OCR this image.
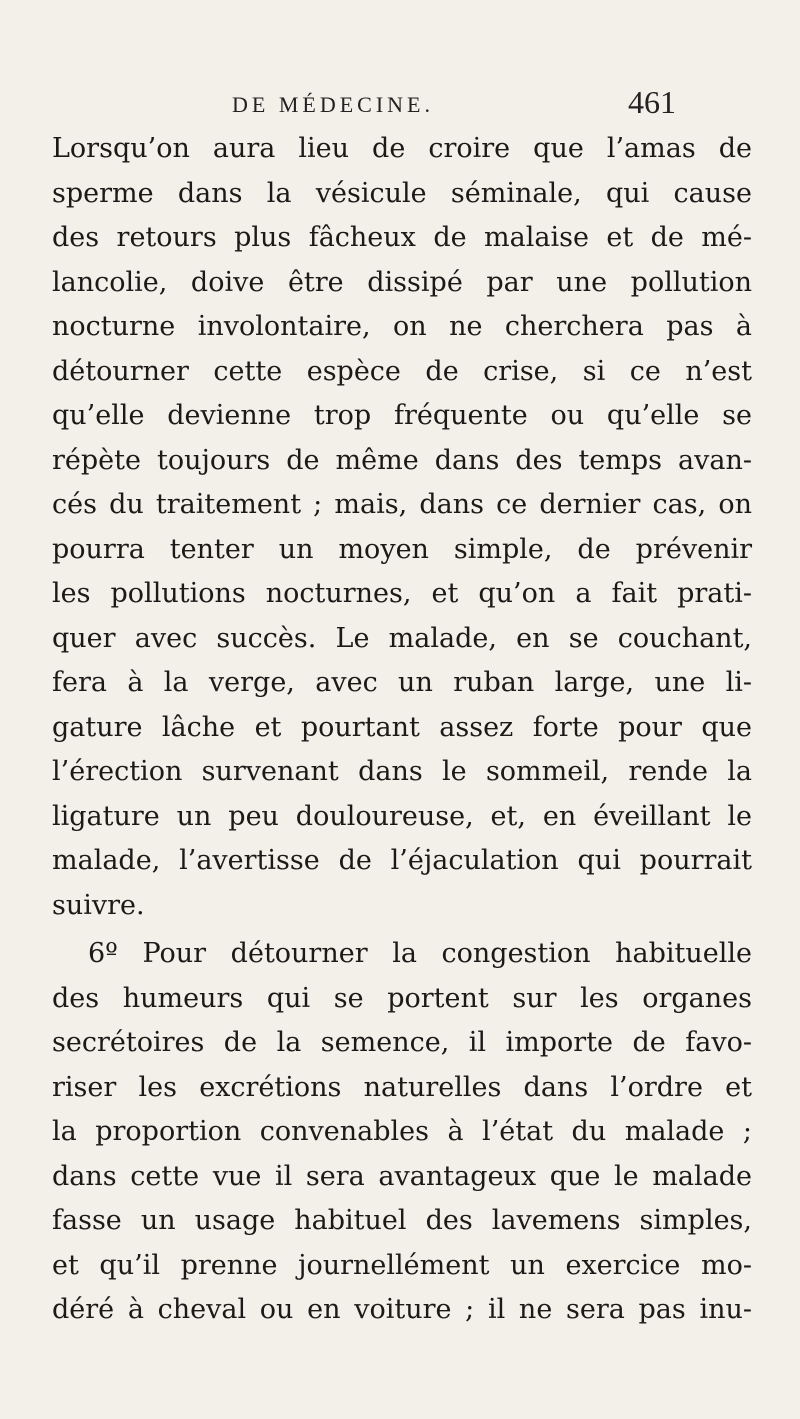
DE MÉDECINE.	461
Lorsqu’on aura lieu de croire que l’amas de
sperme dans la vésicule séminale, qui cause
des retours plus fâcheux de malaise et de mé-
lancolie, doive être dissipé par une pollution
nocturne involontaire, on ne cherchera pas à
détourner cette espèce de crise, si ce n’est
qu’elle devienne trop fréquente ou qu’elle se
répète toujours de même dans des temps avan-
cés du traitement ; mais, dans ce dernier cas, on
pourra tenter un moyen simple, de prévenir
les pollutions nocturnes, et qu’on a fait prati-
quer avec succès. Le malade, en se couchant,
fera à la verge, avec un ruban large, une li-
gature lâche et pourtant assez forte pour que
l’érection survenant dans le sommeil, rende la
ligature un peu douloureuse, et, en éveillant le
malade, l’avertisse de l’éjaculation qui pourrait
suivre.
6º Pour détourner la congestion habituelle
des humeurs qui se portent sur les organes
secrétoires de la semence, il importe de favo-
riser les excrétions naturelles dans l’ordre et
la proportion convenables à l’état du malade ;
dans cette vue il sera avantageux que le malade
fasse un usage habituel des lavemens simples,
et qu’il prenne journellément un exercice mo-
déré à cheval ou en voiture ; il ne sera pas inu-
